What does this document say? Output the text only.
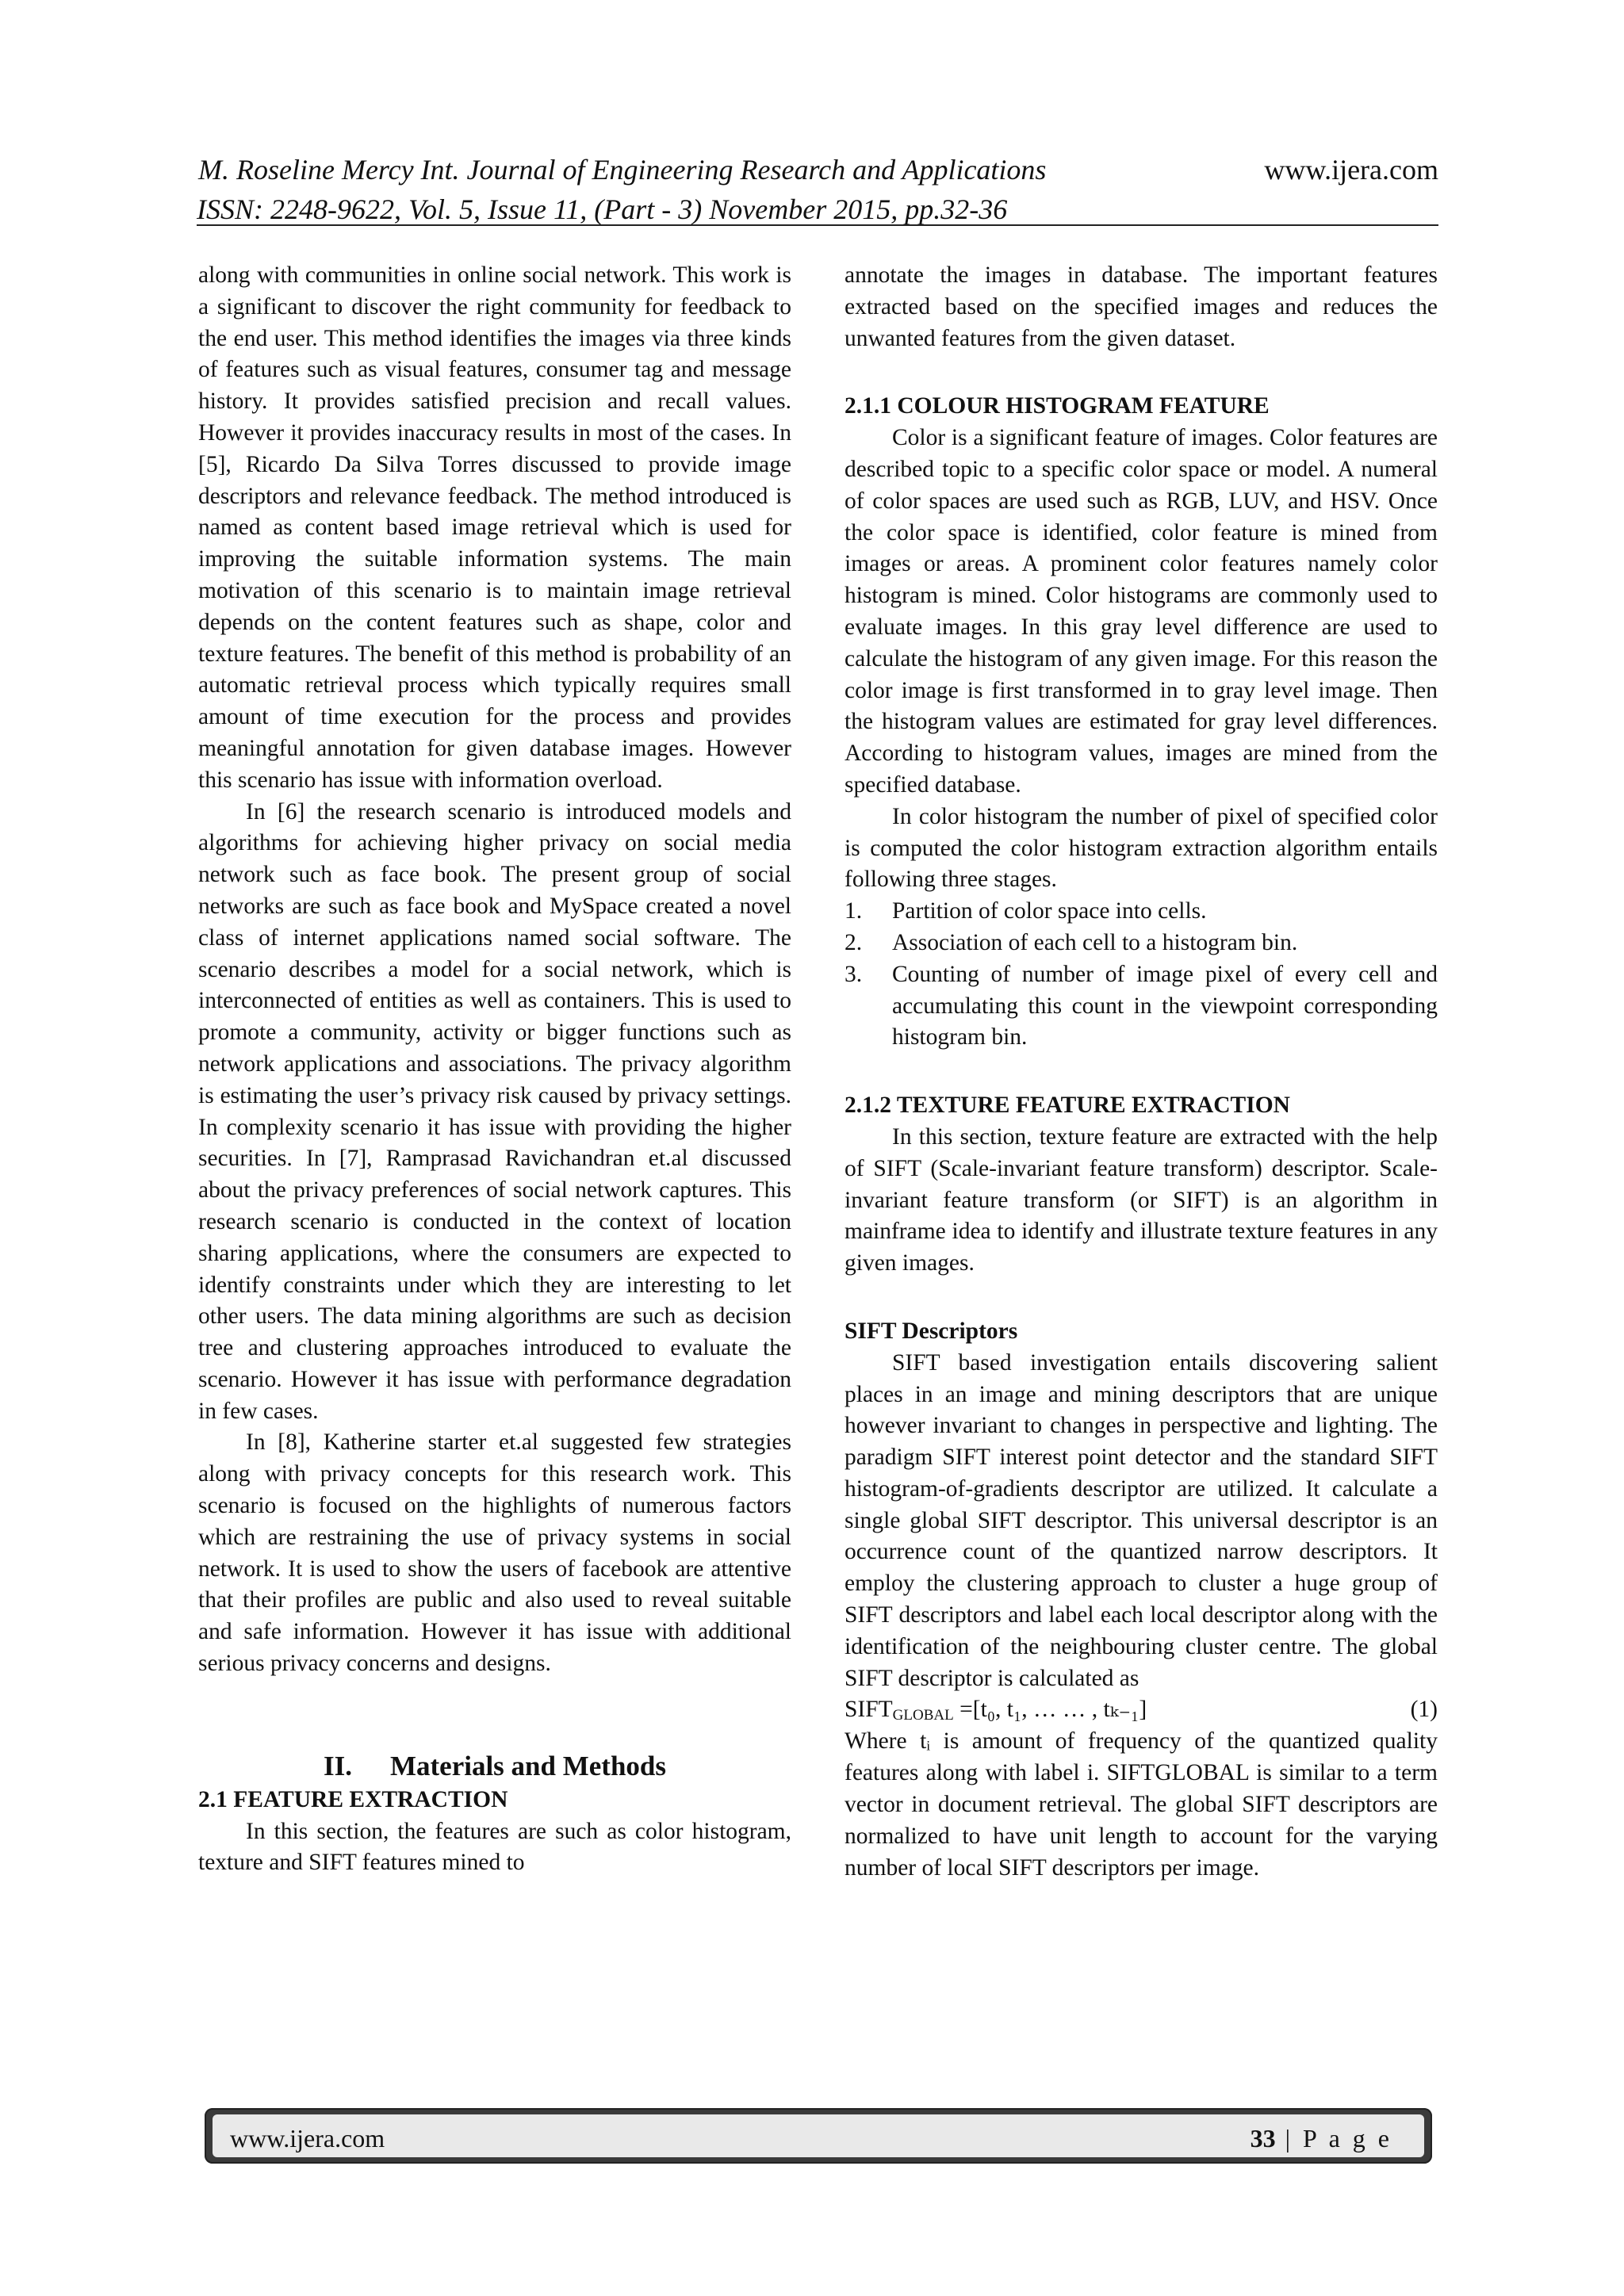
M. Roseline Mercy Int. Journal of Engineering Research and Applications	www.ijera.com
ISSN: 2248-9622, Vol. 5, Issue 11, (Part - 3) November 2015, pp.32-36

along with communities in online social network. This work is a significant to discover the right community for feedback to the end user. This method identifies the images via three kinds of features such as visual features, consumer tag and message history. It provides satisfied precision and recall values. However it provides inaccuracy results in most of the cases. In [5], Ricardo Da Silva Torres discussed to provide image descriptors and relevance feedback. The method introduced is named as content based image retrieval which is used for improving the suitable information systems. The main motivation of this scenario is to maintain image retrieval depends on the content features such as shape, color and texture features. The benefit of this method is probability of an automatic retrieval process which typically requires small amount of time execution for the process and provides meaningful annotation for given database images. However this scenario has issue with information overload.

In [6] the research scenario is introduced models and algorithms for achieving higher privacy on social media network such as face book. The present group of social networks are such as face book and MySpace created a novel class of internet applications named social software. The scenario describes a model for a social network, which is interconnected of entities as well as containers. This is used to promote a community, activity or bigger functions such as network applications and associations. The privacy algorithm is estimating the user’s privacy risk caused by privacy settings. In complexity scenario it has issue with providing the higher securities. In [7], Ramprasad Ravichandran et.al discussed about the privacy preferences of social network captures. This research scenario is conducted in the context of location sharing applications, where the consumers are expected to identify constraints under which they are interesting to let other users. The data mining algorithms are such as decision tree and clustering approaches introduced to evaluate the scenario. However it has issue with performance degradation in few cases.

In [8], Katherine starter et.al suggested few strategies along with privacy concepts for this research work. This scenario is focused on the highlights of numerous factors which are restraining the use of privacy systems in social network. It is used to show the users of facebook are attentive that their profiles are public and also used to reveal suitable and safe information. However it has issue with additional serious privacy concerns and designs.

II. Materials and Methods

2.1 FEATURE EXTRACTION

In this section, the features are such as color histogram, texture and SIFT features mined to

annotate the images in database. The important features extracted based on the specified images and reduces the unwanted features from the given dataset.

2.1.1 COLOUR HISTOGRAM FEATURE

Color is a significant feature of images. Color features are described topic to a specific color space or model. A numeral of color spaces are used such as RGB, LUV, and HSV. Once the color space is identified, color feature is mined from images or areas. A prominent color features namely color histogram is mined. Color histograms are commonly used to evaluate images. In this gray level difference are used to calculate the histogram of any given image. For this reason the color image is first transformed in to gray level image. Then the histogram values are estimated for gray level differences. According to histogram values, images are mined from the specified database.

In color histogram the number of pixel of specified color is computed the color histogram extraction algorithm entails following three stages.

1. Partition of color space into cells.
2. Association of each cell to a histogram bin.
3. Counting of number of image pixel of every cell and accumulating this count in the viewpoint corresponding histogram bin.

2.1.2 TEXTURE FEATURE EXTRACTION

In this section, texture feature are extracted with the help of SIFT (Scale-invariant feature transform) descriptor. Scale-invariant feature transform (or SIFT) is an algorithm in mainframe idea to identify and illustrate texture features in any given images.

SIFT Descriptors

SIFT based investigation entails discovering salient places in an image and mining descriptors that are unique however invariant to changes in perspective and lighting. The paradigm SIFT interest point detector and the standard SIFT histogram-of-gradients descriptor are utilized. It calculate a single global SIFT descriptor. This universal descriptor is an occurrence count of the quantized narrow descriptors. It employ the clustering approach to cluster a huge group of SIFT descriptors and label each local descriptor along with the identification of the neighbouring cluster centre. The global SIFT descriptor is calculated as

$SIFT_{GLOBAL} =[t_0$, t₁, … … , tₖ₋₁]	(1)

Where tᵢ is amount of frequency of the quantized quality features along with label i. SIFTGLOBAL is similar to a term vector in document retrieval. The global SIFT descriptors are normalized to have unit length to account for the varying number of local SIFT descriptors per image.

www.ijera.com	33 | P a g e
